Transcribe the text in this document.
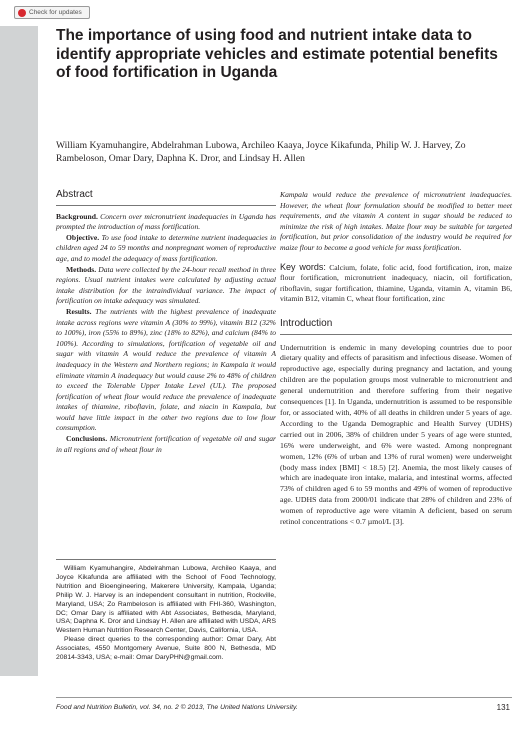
Check for updates
The importance of using food and nutrient intake data to identify appropriate vehicles and estimate potential benefits of food fortification in Uganda
William Kyamuhangire, Abdelrahman Lubowa, Archileo Kaaya, Joyce Kikafunda, Philip W. J. Harvey, Zo Rambeloson, Omar Dary, Daphna K. Dror, and Lindsay H. Allen
Abstract

Background. Concern over micronutrient inadequacies in Uganda has prompted the introduction of mass fortification.

Objective. To use food intake to determine nutrient inadequacies in children aged 24 to 59 months and nonpregnant women of reproductive age, and to model the adequacy of mass fortification.

Methods. Data were collected by the 24-hour recall method in three regions. Usual nutrient intakes were calculated by adjusting actual intake distribution for the intraindividual variance. The impact of fortification on intake adequacy was simulated.

Results. The nutrients with the highest prevalence of inadequate intake across regions were vitamin A (30% to 99%), vitamin B12 (32% to 100%), iron (55% to 89%), zinc (18% to 82%), and calcium (84% to 100%). According to simulations, fortification of vegetable oil and sugar with vitamin A would reduce the prevalence of vitamin A inadequacy in the Western and Northern regions; in Kampala it would eliminate vitamin A inadequacy but would cause 2% to 48% of children to exceed the Tolerable Upper Intake Level (UL). The proposed fortification of wheat flour would reduce the prevalence of inadequate intakes of thiamine, riboflavin, folate, and niacin in Kampala, but would have little impact in the other two regions due to low flour consumption.

Conclusions. Micronutrient fortification of vegetable oil and sugar in all regions and of wheat flour in

William Kyamuhangire, Abdelrahman Lubowa, Archileo Kaaya, and Joyce Kikafunda are affiliated with the School of Food Technology, Nutrition and Bioengineering, Makerere University, Kampala, Uganda; Philip W. J. Harvey is an independent consultant in nutrition, Rockville, Maryland, USA; Zo Rambeloson is affiliated with FHI-360, Washington, DC; Omar Dary is affiliated with Abt Associates, Bethesda, Maryland, USA; Daphna K. Dror and Lindsay H. Allen are affiliated with USDA, ARS Western Human Nutrition Research Center, Davis, California, USA.

Please direct queries to the corresponding author: Omar Dary, Abt Associates, 4550 Montgomery Avenue, Suite 800 N, Bethesda, MD 20814-3343, USA; e-mail: Omar DaryPHN@gmail.com.

Kampala would reduce the prevalence of micronutrient inadequacies. However, the wheat flour formulation should be modified to better meet requirements, and the vitamin A content in sugar should be reduced to minimize the risk of high intakes. Maize flour may be suitable for targeted fortification, but prior consolidation of the industry would be required for maize flour to become a good vehicle for mass fortification.

Key words: Calcium, folate, folic acid, food fortification, iron, maize flour fortification, micronutrient inadequacy, niacin, oil fortification, riboflavin, sugar fortification, thiamine, Uganda, vitamin A, vitamin B6, vitamin B12, vitamin C, wheat flour fortification, zinc
Introduction

Undernutrition is endemic in many developing countries due to poor dietary quality and effects of parasitism and infectious disease. Women of reproductive age, especially during pregnancy and lactation, and young children are the population groups most vulnerable to micronutrient and general undernutrition and therefore suffering from their negative consequences [1]. In Uganda, undernutrition is assumed to be responsible for, or associated with, 40% of all deaths in children under 5 years of age. According to the Uganda Demographic and Health Survey (UDHS) carried out in 2006, 38% of children under 5 years of age were stunted, 16% were underweight, and 6% were wasted. Among nonpregnant women, 12% (6% of urban and 13% of rural women) were underweight (body mass index [BMI] < 18.5) [2]. Anemia, the most likely causes of which are inadequate iron intake, malaria, and intestinal worms, affected 73% of children aged 6 to 59 months and 49% of women of reproductive age. UDHS data from 2000/01 indicate that 28% of children and 23% of women of reproductive age were vitamin A deficient, based on serum retinol concentrations < 0.7 µmol/L [3].

Food and Nutrition Bulletin, vol. 34, no. 2 © 2013, The United Nations University.	131
